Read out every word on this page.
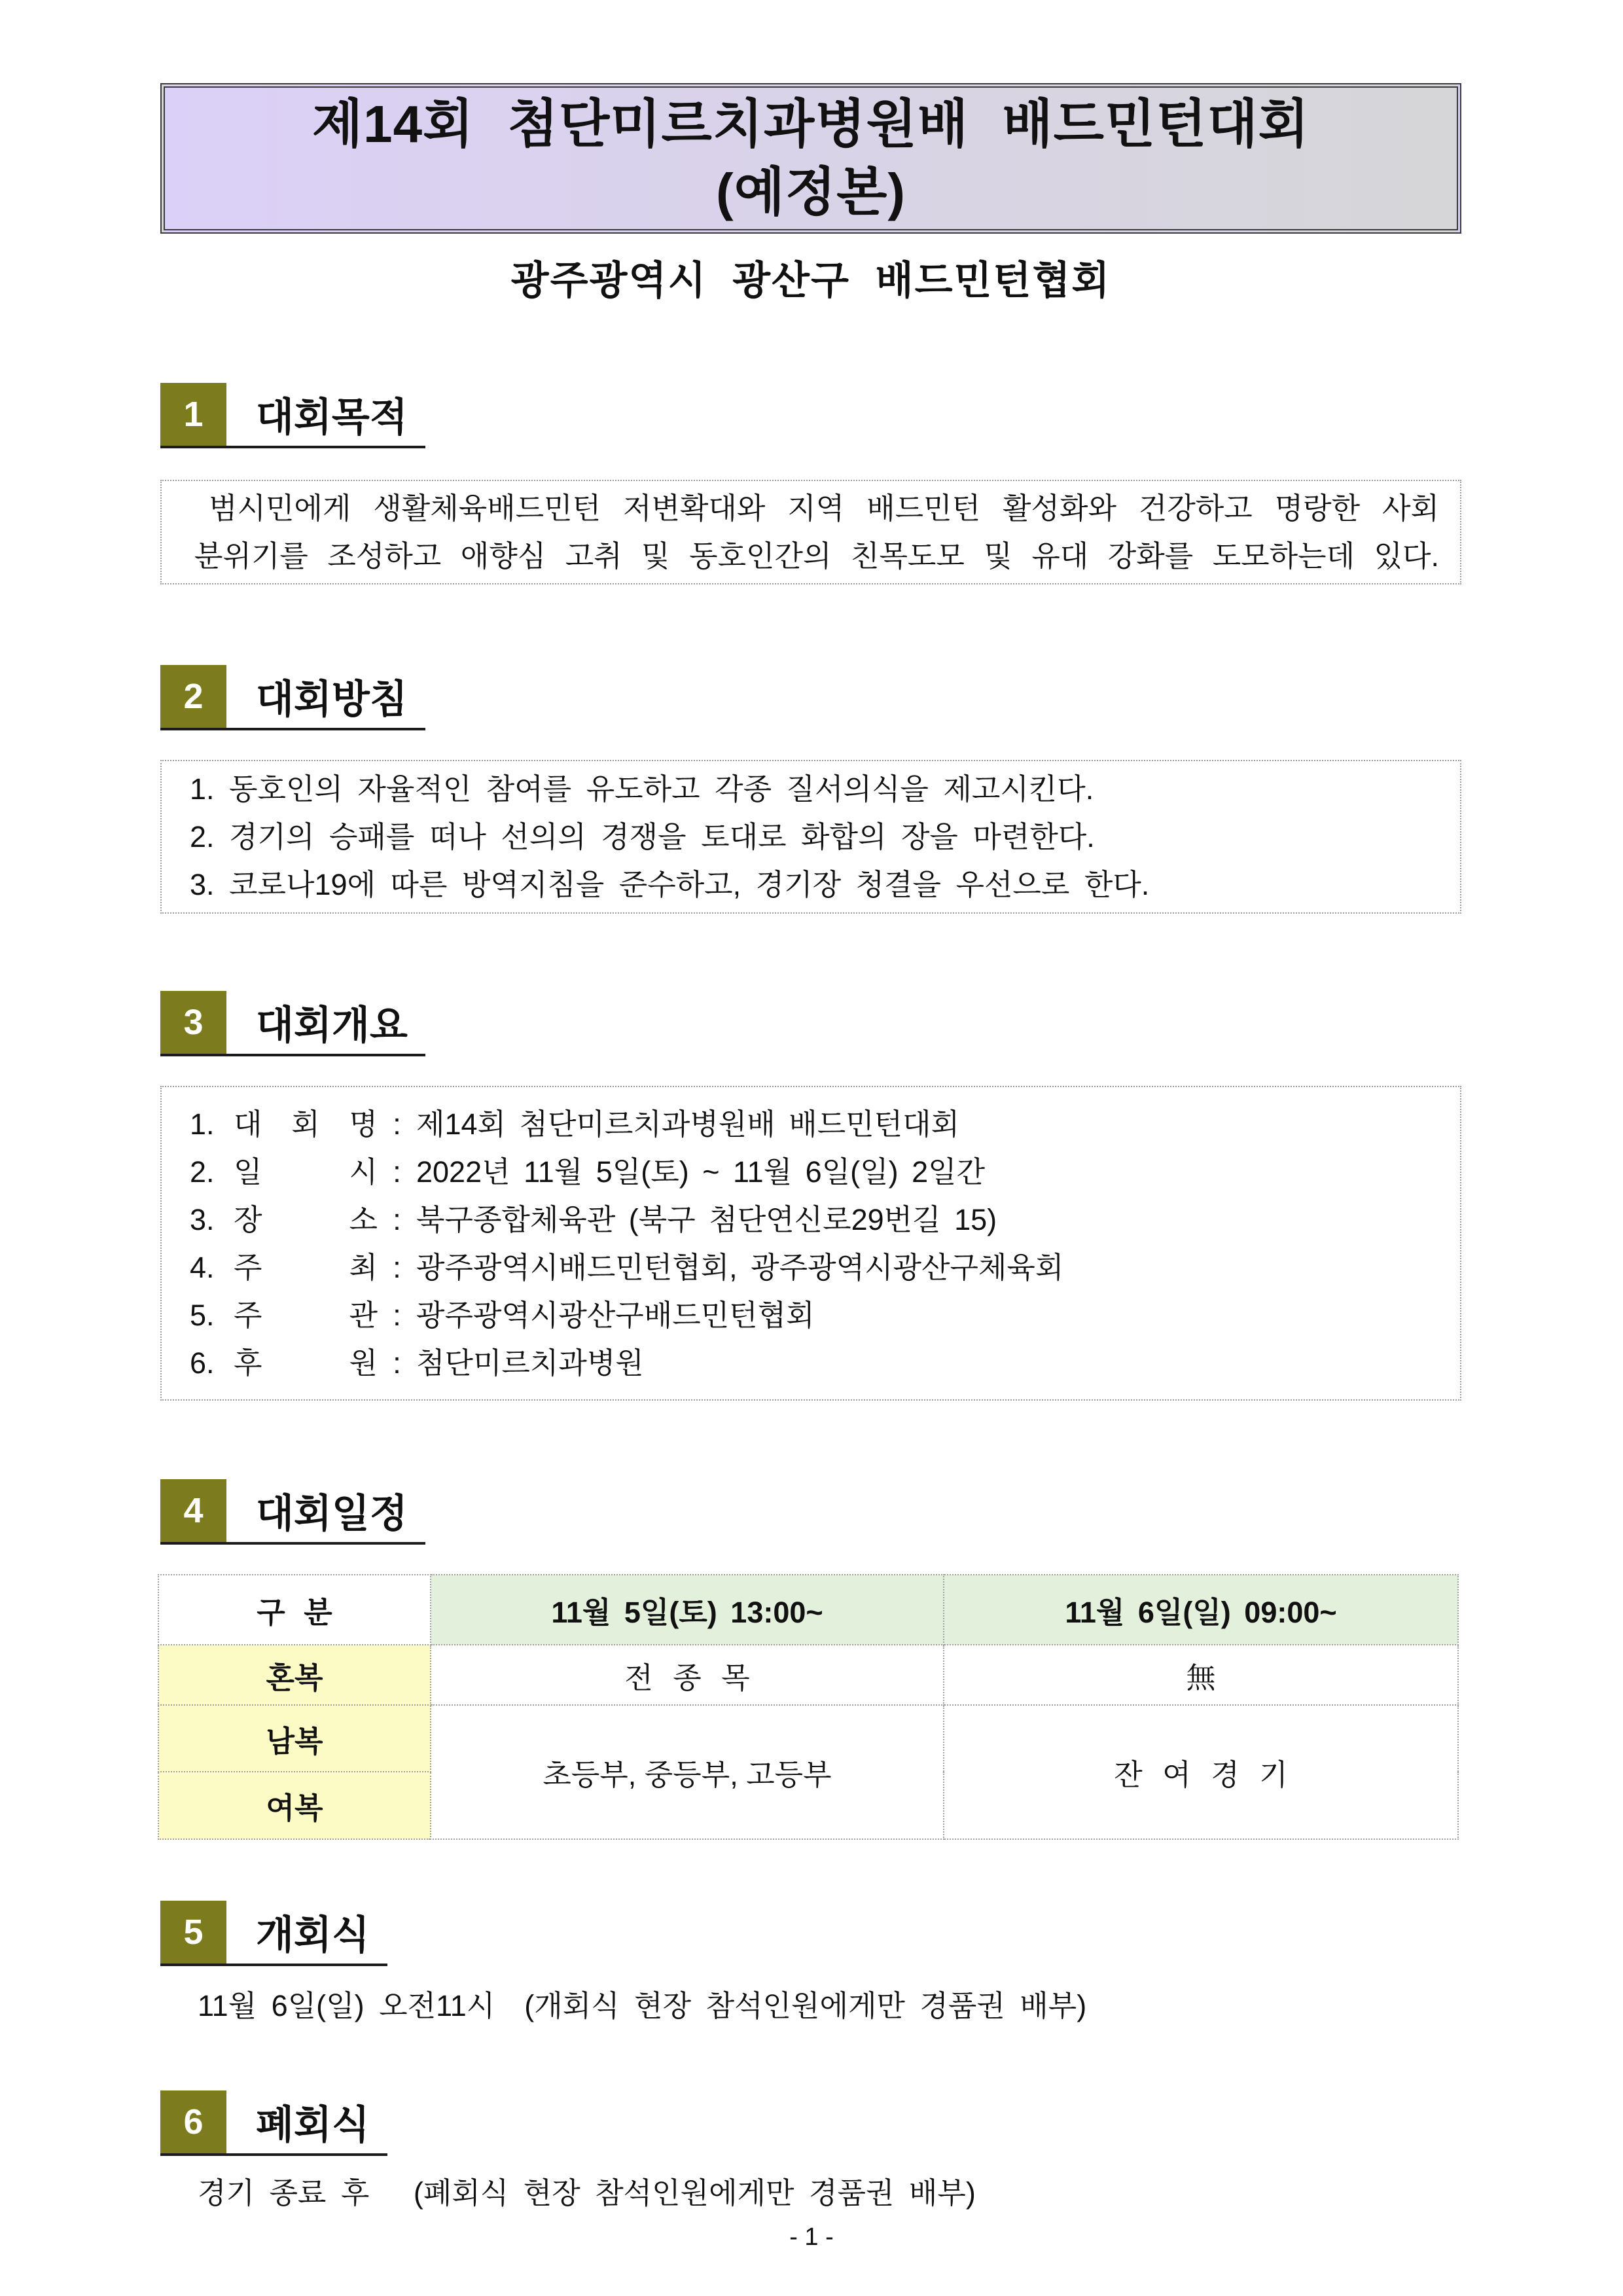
제14회 첨단미르치과병원배 배드민턴대회
(예정본)
광주광역시 광산구 배드민턴협회
1	대회목적
범시민에게 생활체육배드민턴 저변확대와 지역 배드민턴 활성화와 건강하고 명랑한 사회
분위기를 조성하고 애향심 고취 및 동호인간의 친목도모 및 유대 강화를 도모하는데 있다.
2	대회방침
1. 동호인의 자율적인 참여를 유도하고 각종 질서의식을 제고시킨다.
2. 경기의 승패를 떠나 선의의 경쟁을 토대로 화합의 장을 마련한다.
3. 코로나19에 따른 방역지침을 준수하고, 경기장 청결을 우선으로 한다.
3	대회개요
1. 대 회 명 : 제14회 첨단미르치과병원배 배드민턴대회
2. 일 시 : 2022년 11월 5일(토) ~ 11월 6일(일) 2일간
3. 장 소 : 북구종합체육관 (북구 첨단연신로29번길 15)
4. 주 최 : 광주광역시배드민턴협회, 광주광역시광산구체육회
5. 주 관 : 광주광역시광산구배드민턴협회
6. 후 원 : 첨단미르치과병원
4	대회일정
구 분	11월 5일(토) 13:00~	11월 6일(일) 09:00~
혼복	전 종 목	無
남복	초등부, 중등부, 고등부	잔 여 경 기
여복		
5	개회식
11월 6일(일) 오전11시  (개회식 현장 참석인원에게만 경품권 배부)
6	폐회식
경기 종료 후   (폐회식 현장 참석인원에게만 경품권 배부)
- 1 -
